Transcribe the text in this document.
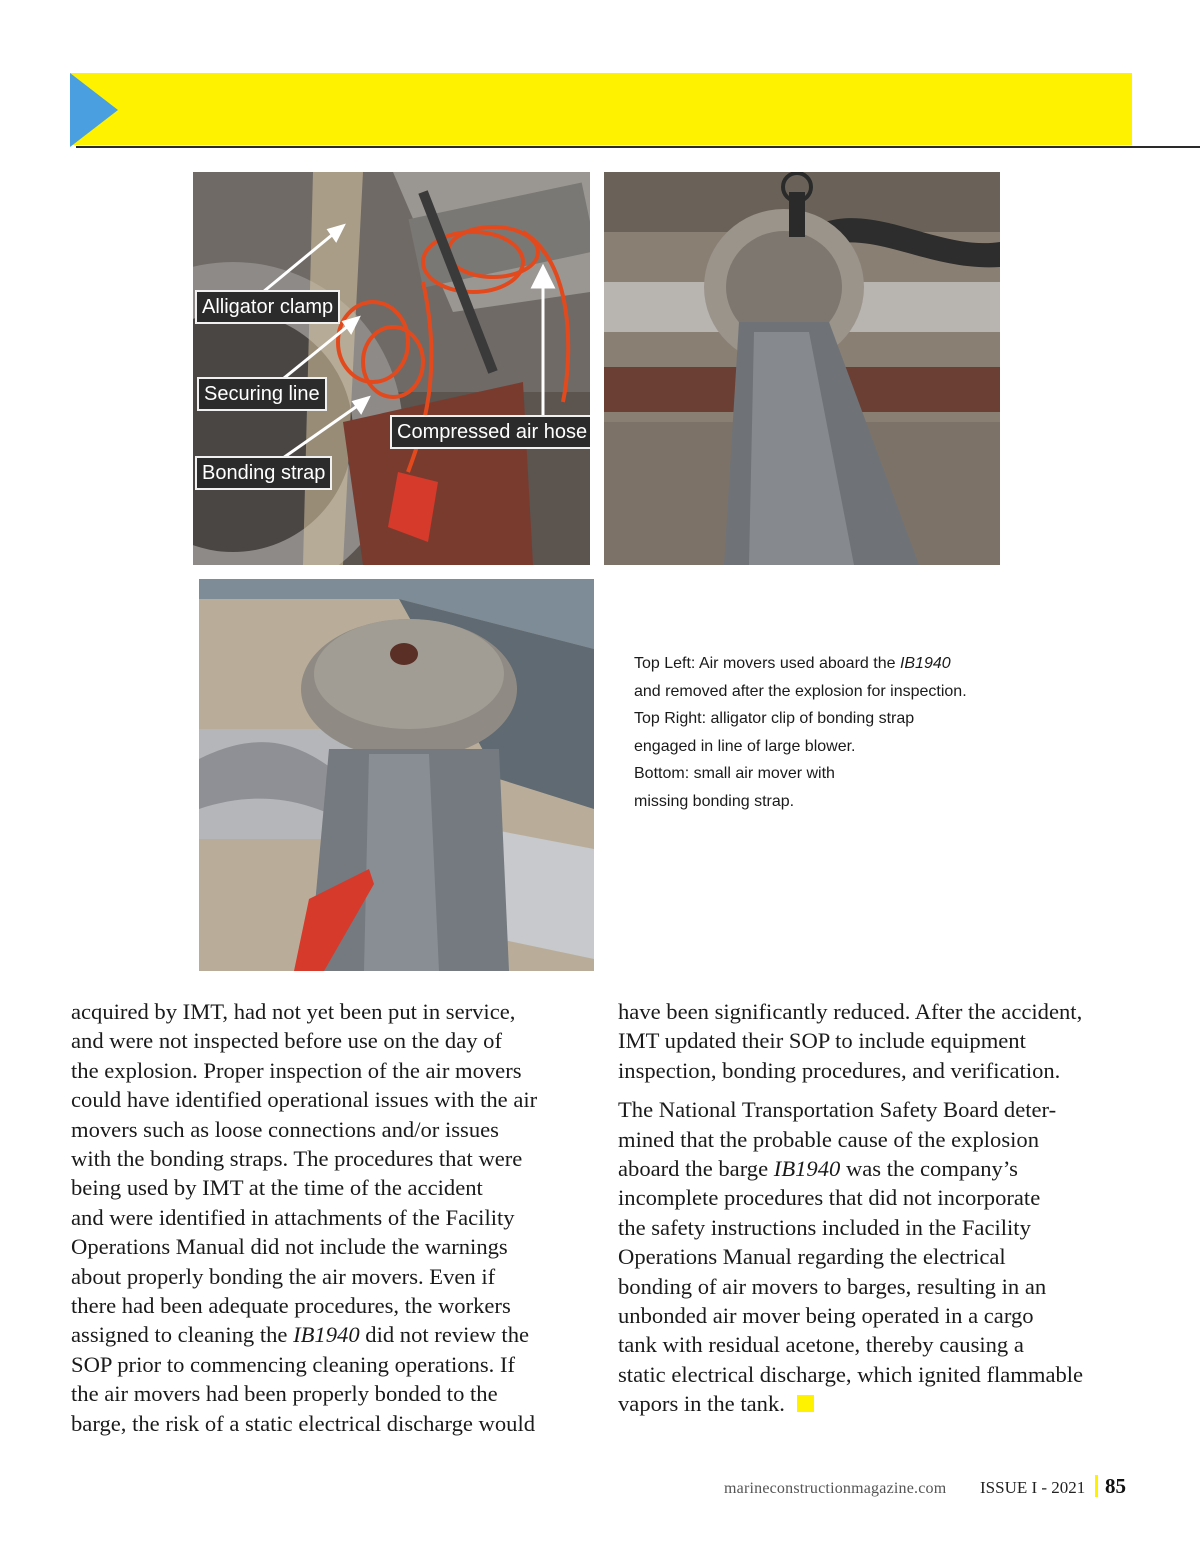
Alligator clamp
Securing line
Bonding strap
Compressed air hose
Top Left: Air movers used aboard the IB1940
and removed after the explosion for inspection.
Top Right: alligator clip of bonding strap
engaged in line of large blower.
Bottom: small air mover with
missing bonding strap.
acquired by IMT, had not yet been put in service,
and were not inspected before use on the day of
the explosion. Proper inspection of the air movers
could have identified operational issues with the air
movers such as loose connections and/or issues
with the bonding straps. The procedures that were
being used by IMT at the time of the accident
and were identified in attachments of the Facility
Operations Manual did not include the warnings
about properly bonding the air movers. Even if
there had been adequate procedures, the workers
assigned to cleaning the IB1940 did not review the
SOP prior to commencing cleaning operations. If
the air movers had been properly bonded to the
barge, the risk of a static electrical discharge would
have been significantly reduced. After the accident,
IMT updated their SOP to include equipment
inspection, bonding procedures, and verification.
The National Transportation Safety Board deter-
mined that the probable cause of the explosion
aboard the barge IB1940 was the company’s
incomplete procedures that did not incorporate
the safety instructions included in the Facility
Operations Manual regarding the electrical
bonding of air movers to barges, resulting in an
unbonded air mover being operated in a cargo
tank with residual acetone, thereby causing a
static electrical discharge, which ignited flammable
vapors in the tank.
marineconstructionmagazine.com ISSUE I - 2021 85
